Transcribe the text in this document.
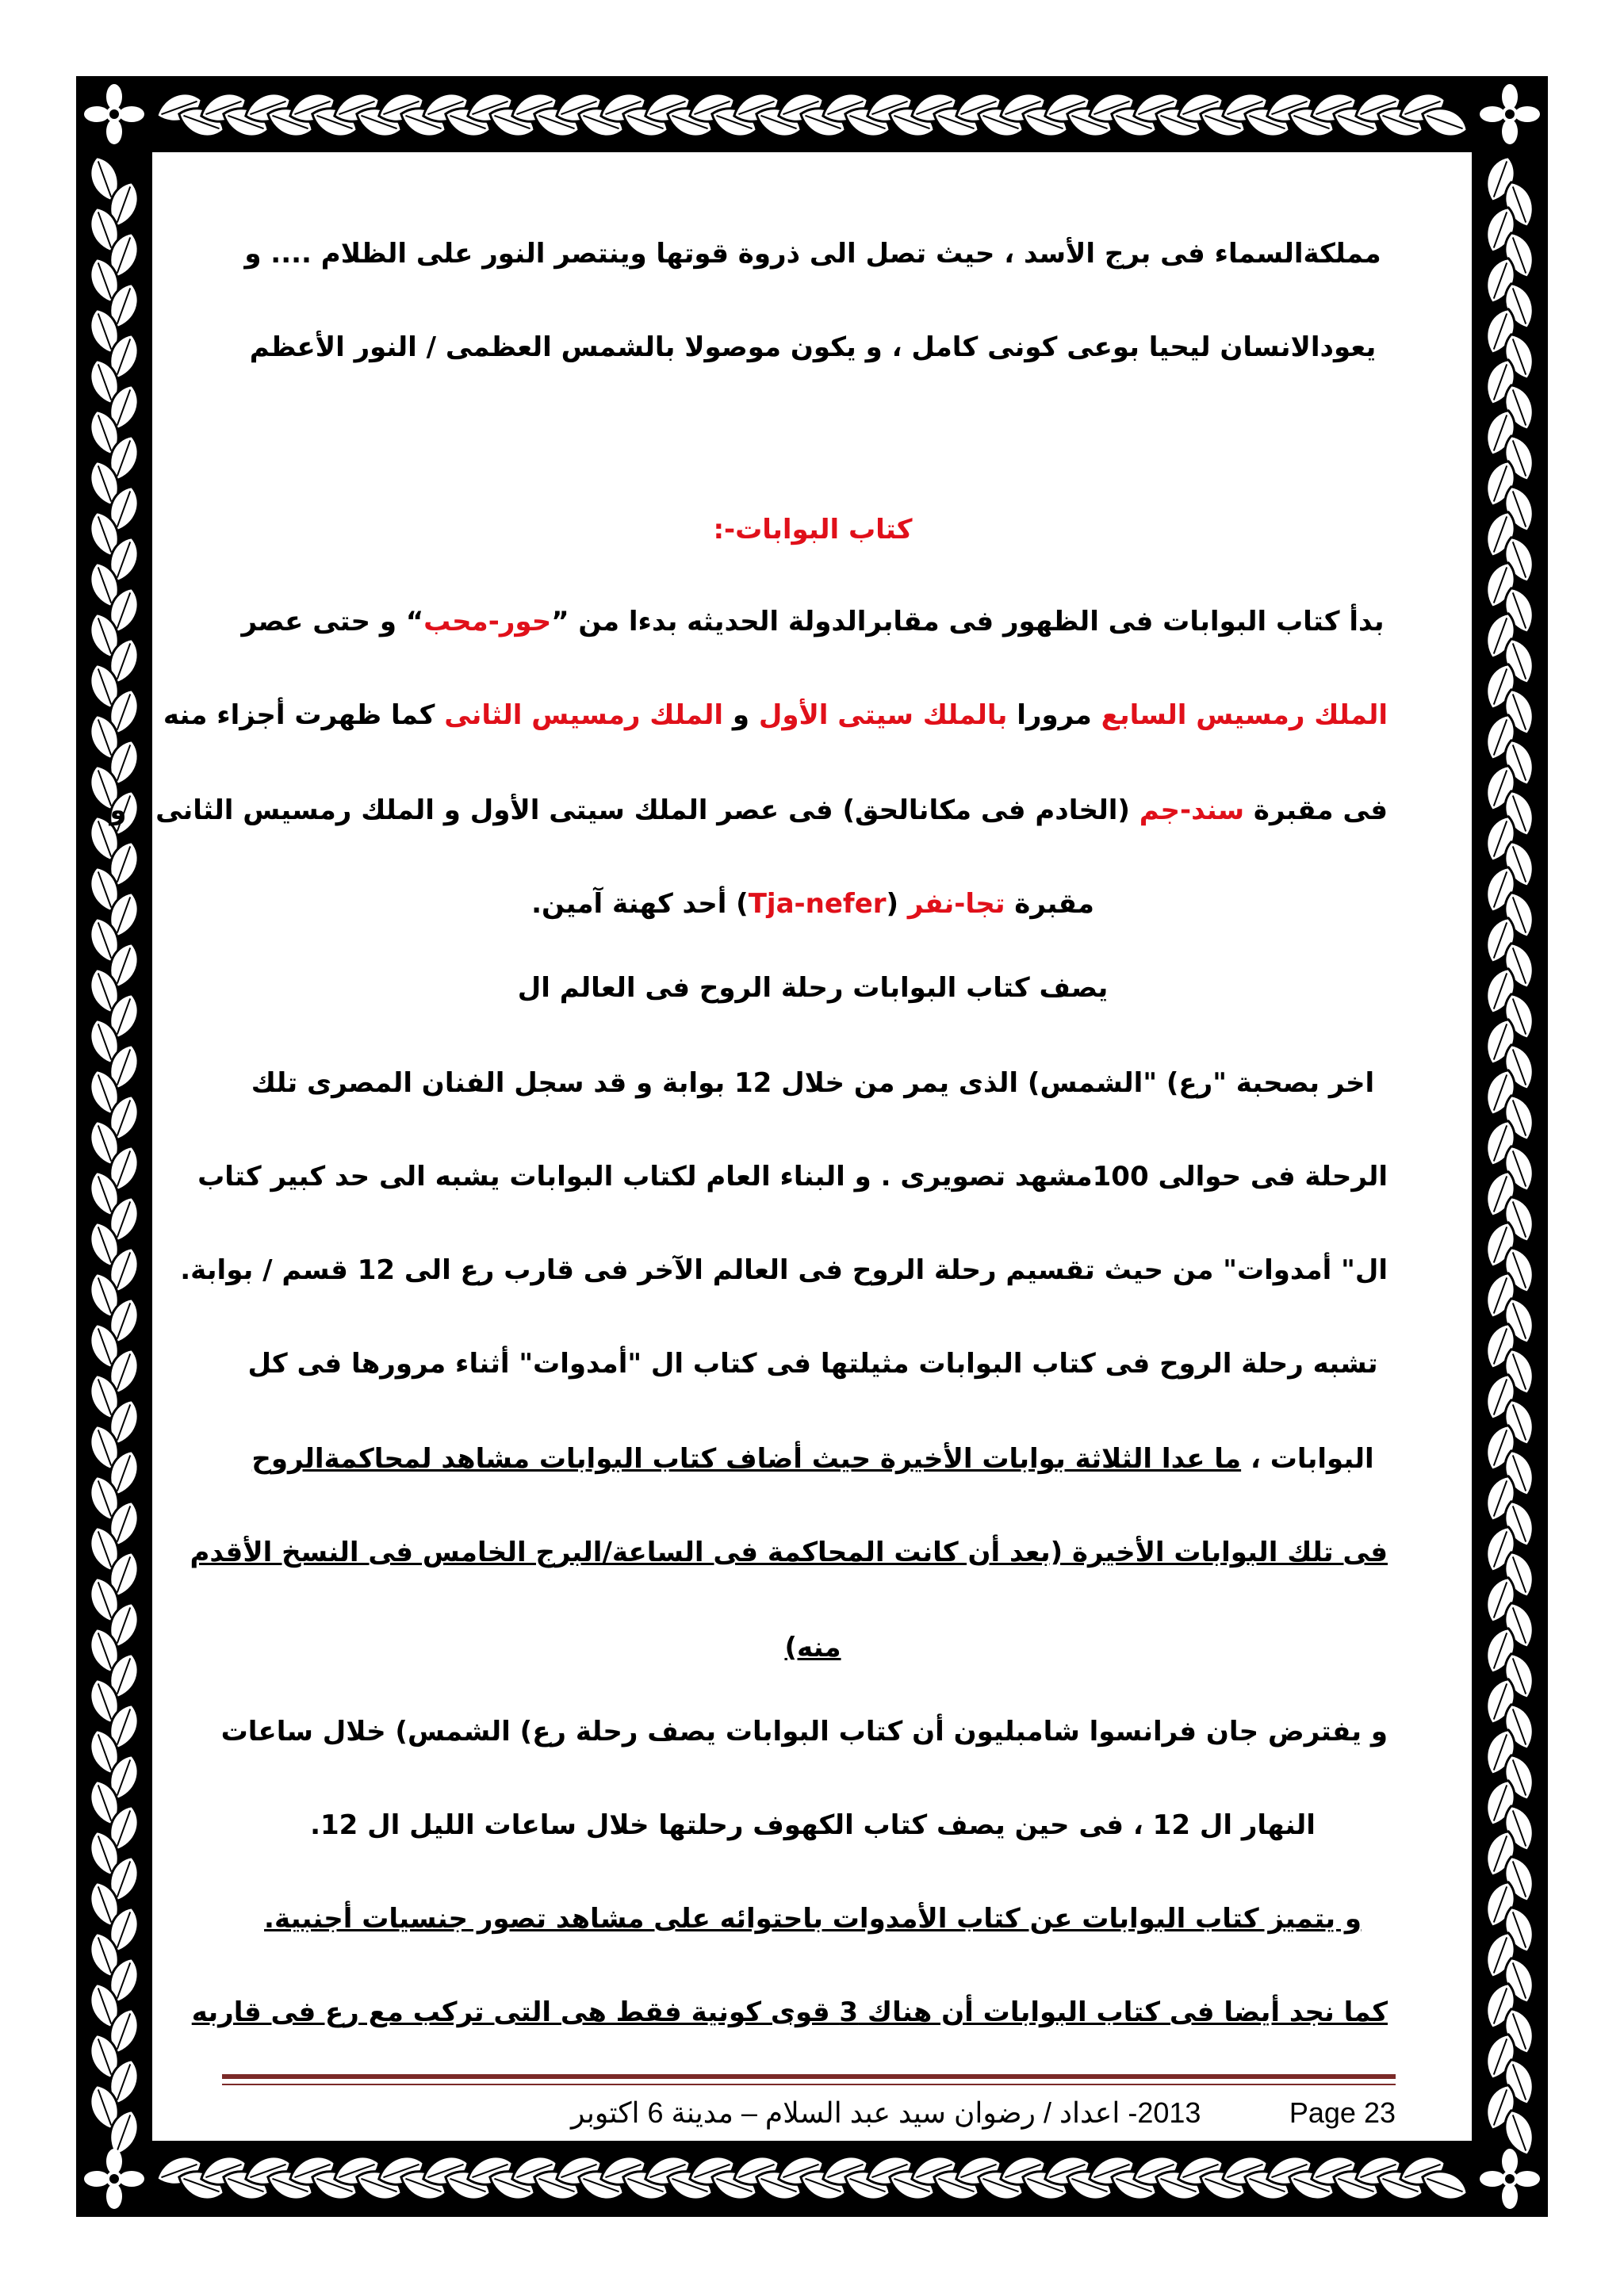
مملكةالسماء فى برج الأسد ، حيث تصل الى ذروة قوتها وينتصر النور على الظلام .... و
يعودالانسان ليحيا بوعى كونى كامل ، و يكون موصولا بالشمس العظمى / النور الأعظم
كتاب البوابات-:
بدأ كتاب البوابات فى الظهور فى مقابرالدولة الحديثه بدءا من ”حور-محب“ و حتى عصر
الملك رمسيس السابع مرورا بالملك سيتى الأول و الملك رمسيس الثانى كما ظهرت أجزاء منه
فى مقبرة سند-جم (الخادم فى مكانالحق) فى عصر الملك سيتى الأول و الملك رمسيس الثانى ، و
مقبرة تجا-نفر (Tja-nefer) أحد كهنة آمين.
يصف كتاب البوابات رحلة الروح فى العالم ال
اخر بصحبة "رع) "الشمس) الذى يمر من خلال 12 بوابة و قد سجل الفنان المصرى تلك
الرحلة فى حوالى 100مشهد تصويرى . و البناء العام لكتاب البوابات يشبه الى حد كبير كتاب
ال" أمدوات" من حيث تقسيم رحلة الروح فى العالم الآخر فى قارب رع الى 12 قسم / بوابة.
تشبه رحلة الروح فى كتاب البوابات مثيلتها فى كتاب ال "أمدوات" أثناء مرورها فى كل
البوابات ، ما عدا الثلاثة بوابات الأخيرة حيث أضاف كتاب البوابات مشاهد لمحاكمةالروح
فى تلك البوابات الأخيرة (بعد أن كانت المحاكمة فى الساعة/البرج الخامس فى النسخ الأقدم
منه)
و يفترض جان فرانسوا شامبليون أن كتاب البوابات يصف رحلة رع) الشمس) خلال ساعات
النهار ال 12 ، فى حين يصف كتاب الكهوف رحلتها خلال ساعات الليل ال 12.
و يتميز كتاب البوابات عن كتاب الأمدوات باحتوائه على مشاهد تصور جنسيات أجنبية.
كما نجد أيضا فى كتاب البوابات أن هناك 3 قوى كونية فقط هى التى تركب مع رع فى قاربه
2013- اعداد / رضوان سيد عبد السلام – مدينة 6 اكتوبر	Page 23
